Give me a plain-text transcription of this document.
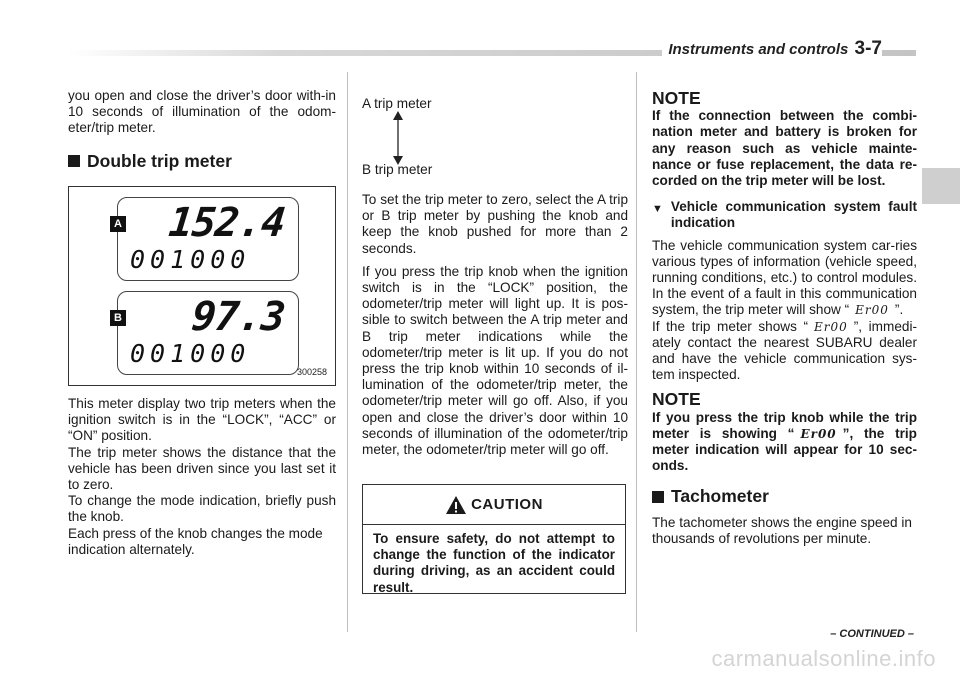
Instruments and controls 3-7

you open and close the driver’s door with-in 10 seconds of illumination of the odom-eter/trip meter.

Double trip meter
A 152.4
001000
B 97.3
001000
300258

This meter display two trip meters when the ignition switch is in the “LOCK”, “ACC” or “ON” position.

The trip meter shows the distance that the vehicle has been driven since you last set it to zero.

To change the mode indication, briefly push the knob.

Each press of the knob changes the mode indication alternately.

A trip meter
B trip meter

To set the trip meter to zero, select the A trip or B trip meter by pushing the knob and keep the knob pushed for more than 2 seconds.

If you press the trip knob when the ignition switch is in the “LOCK” position, the odometer/trip meter will light up. It is pos-sible to switch between the A trip meter and B trip meter indications while the odometer/trip meter is lit up. If you do not press the trip knob within 10 seconds of il-lumination of the odometer/trip meter, the odometer/trip meter will go off. Also, if you open and close the driver’s door within 10 seconds of illumination of the odometer/trip meter, the odometer/trip meter will go off.

CAUTION
To ensure safety, do not attempt to change the function of the indicator during driving, as an accident could result.
NOTE

If the connection between the combi-nation meter and battery is broken for any reason such as vehicle mainte-nance or fuse replacement, the data re-corded on the trip meter will be lost.

▼ Vehicle communication system fault indication

The vehicle communication system car-ries various types of information (vehicle speed, running conditions, etc.) to control modules. In the event of a fault in this communication system, the trip meter will show “ Er00 ”.

If the trip meter shows “ Er00 ”, immedi-ately contact the nearest SUBARU dealer and have the vehicle communication sys-tem inspected.

NOTE

If you press the trip knob while the trip meter is showing “ Er00 ”, the trip meter indication will appear for 10 sec-onds.

Tachometer

The tachometer shows the engine speed in thousands of revolutions per minute.

– CONTINUED –
carmanualsonline.info
